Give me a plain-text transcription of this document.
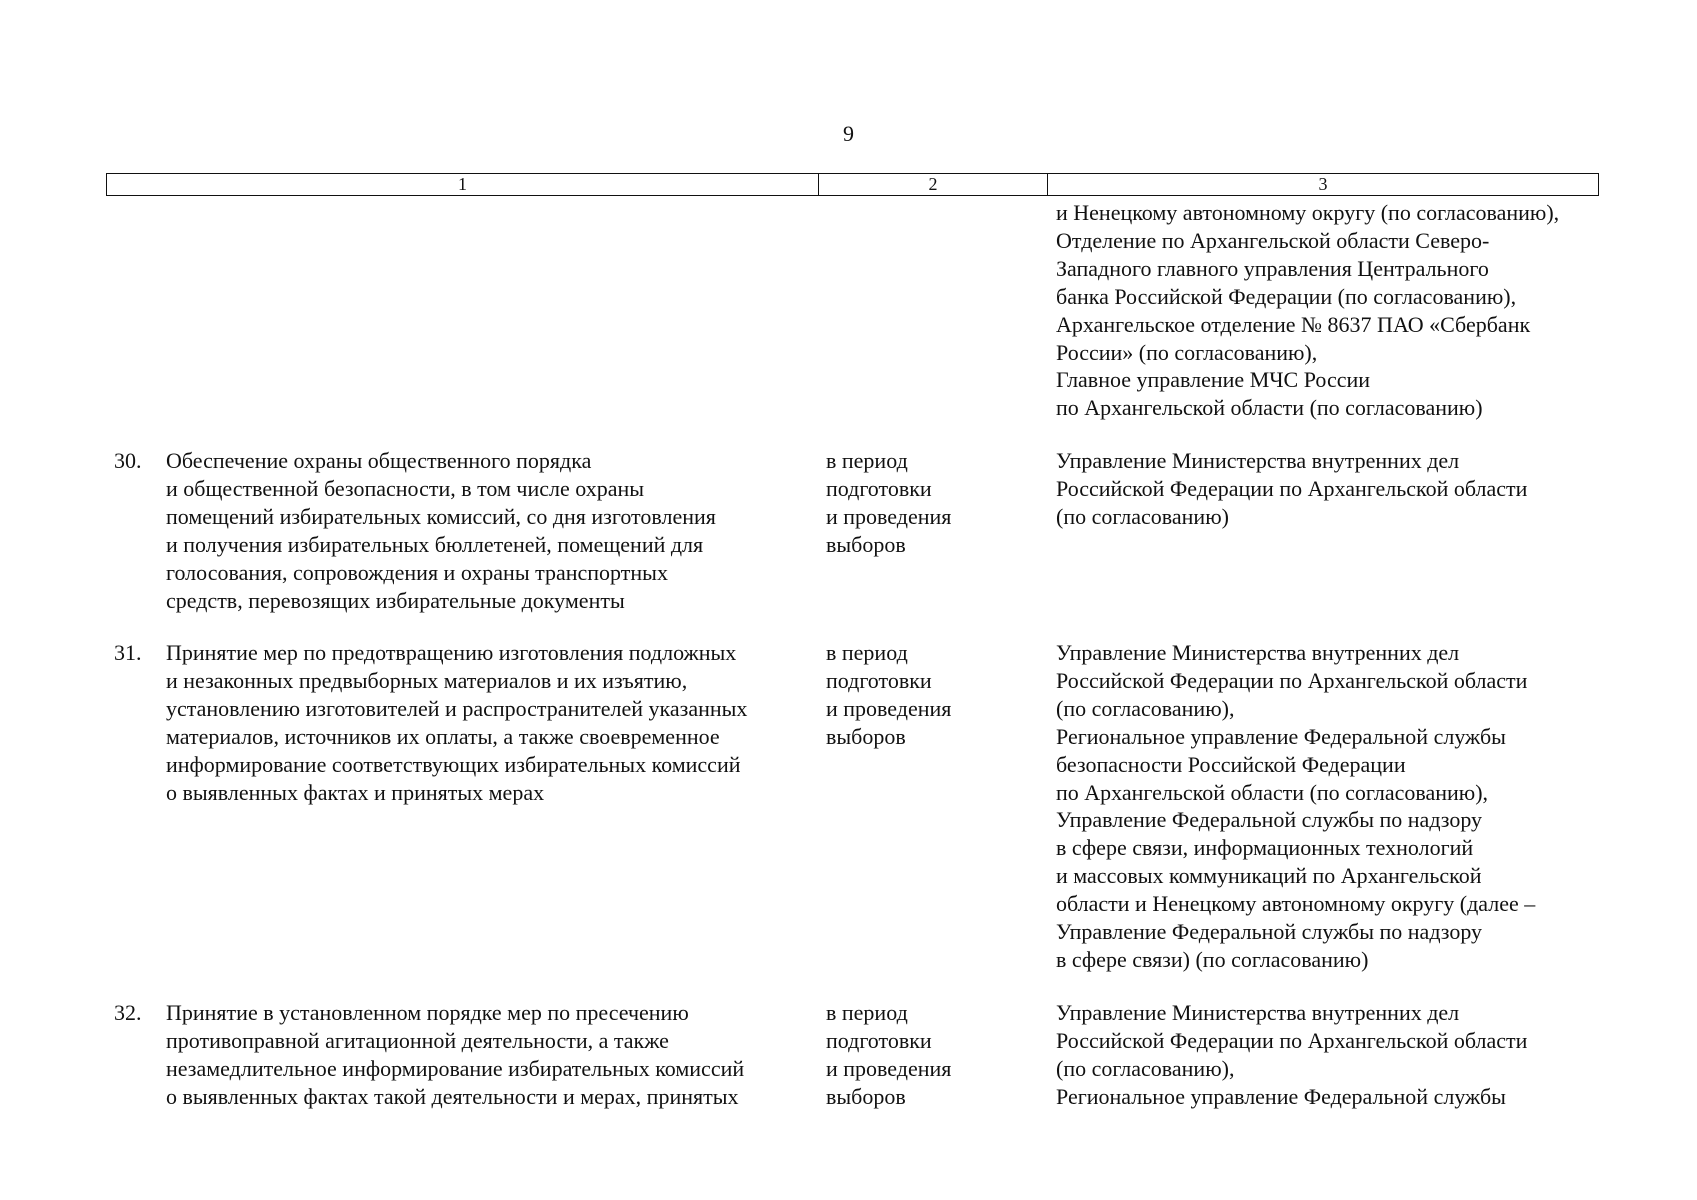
9
1	2	3
и Ненецкому автономному округу (по согласованию),
Отделение по Архангельской области Северо-
Западного главного управления Центрального
банка Российской Федерации (по согласованию),
Архангельское отделение № 8637 ПАО «Сбербанк
России» (по согласованию),
Главное управление МЧС России
по Архангельской области (по согласованию)
30. Обеспечение охраны общественного порядка
и общественной безопасности, в том числе охраны
помещений избирательных комиссий, со дня изготовления
и получения избирательных бюллетеней, помещений для
голосования, сопровождения и охраны транспортных
средств, перевозящих избирательные документы
в период
подготовки
и проведения
выборов
Управление Министерства внутренних дел
Российской Федерации по Архангельской области
(по согласованию)
31. Принятие мер по предотвращению изготовления подложных
и незаконных предвыборных материалов и их изъятию,
установлению изготовителей и распространителей указанных
материалов, источников их оплаты, а также своевременное
информирование соответствующих избирательных комиссий
о выявленных фактах и принятых мерах
в период
подготовки
и проведения
выборов
Управление Министерства внутренних дел
Российской Федерации по Архангельской области
(по согласованию),
Региональное управление Федеральной службы
безопасности Российской Федерации
по Архангельской области (по согласованию),
Управление Федеральной службы по надзору
в сфере связи, информационных технологий
и массовых коммуникаций по Архангельской
области и Ненецкому автономному округу (далее –
Управление Федеральной службы по надзору
в сфере связи) (по согласованию)
32. Принятие в установленном порядке мер по пресечению
противоправной агитационной деятельности, а также
незамедлительное информирование избирательных комиссий
о выявленных фактах такой деятельности и мерах, принятых
в период
подготовки
и проведения
выборов
Управление Министерства внутренних дел
Российской Федерации по Архангельской области
(по согласованию),
Региональное управление Федеральной службы
